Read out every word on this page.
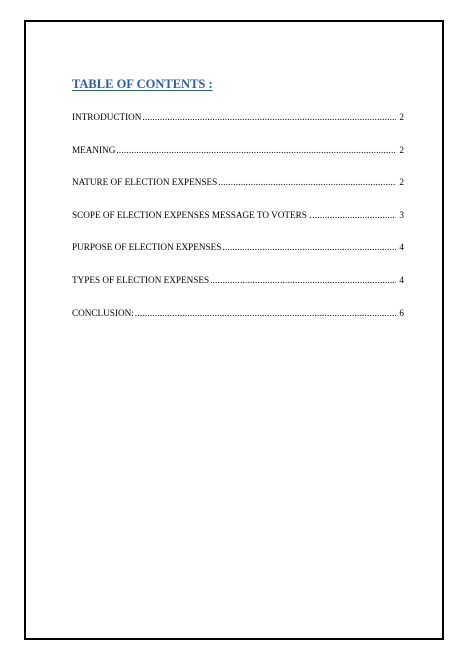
TABLE OF CONTENTS :
INTRODUCTION .....	2
MEANING .....	2
NATURE OF ELECTION EXPENSES .....	2
SCOPE OF ELECTION EXPENSES MESSAGE TO VOTERS . .....	3
PURPOSE OF ELECTION EXPENSES .....	4
TYPES OF ELECTION EXPENSES .....	4
CONCLUSION: .....	6
